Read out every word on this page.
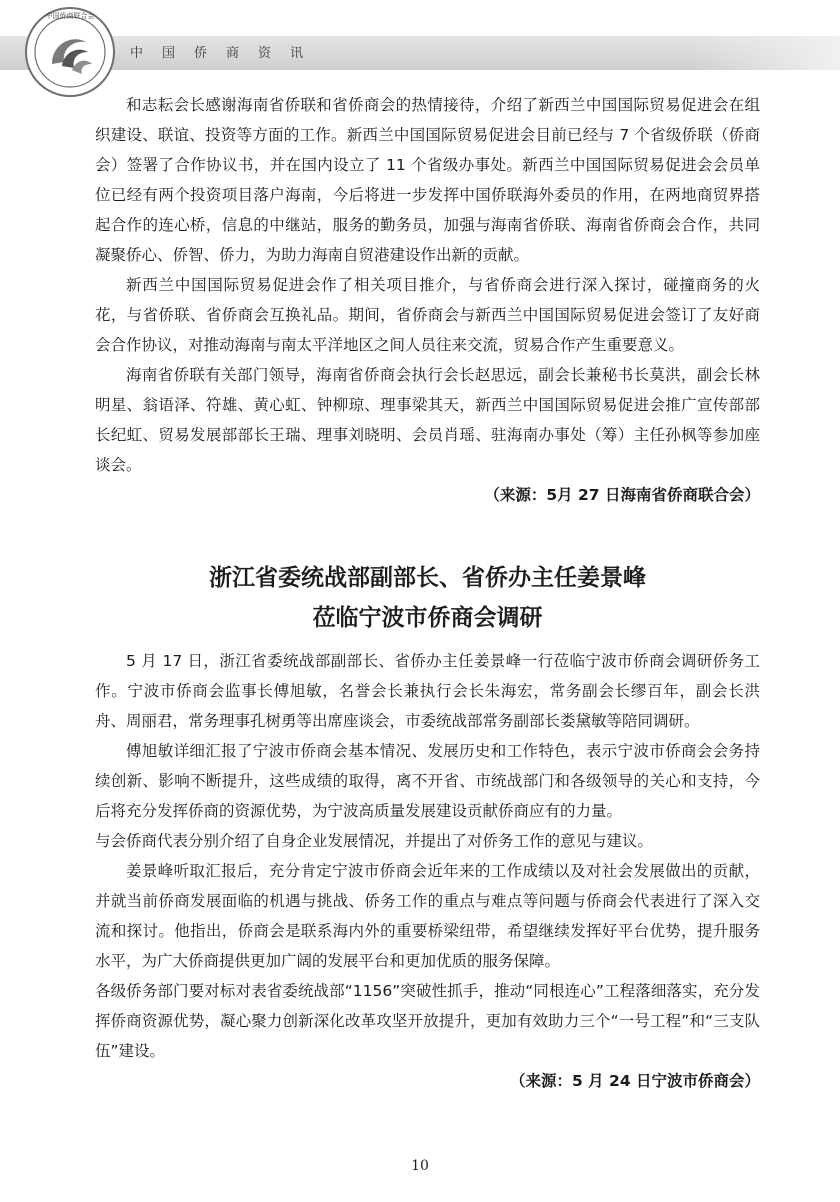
中国侨商资讯
中国侨商联合会

和志耘会长感谢海南省侨联和省侨商会的热情接待，介绍了新西兰中国国际贸易促进会在组织建设、联谊、投资等方面的工作。新西兰中国国际贸易促进会目前已经与 7 个省级侨联（侨商会）签署了合作协议书，并在国内设立了 11 个省级办事处。新西兰中国国际贸易促进会会员单位已经有两个投资项目落户海南，今后将进一步发挥中国侨联海外委员的作用，在两地商贸界搭起合作的连心桥，信息的中继站，服务的勤务员，加强与海南省侨联、海南省侨商会合作，共同凝聚侨心、侨智、侨力，为助力海南自贸港建设作出新的贡献。

新西兰中国国际贸易促进会作了相关项目推介，与省侨商会进行深入探讨，碰撞商务的火花，与省侨联、省侨商会互换礼品。期间，省侨商会与新西兰中国国际贸易促进会签订了友好商会合作协议，对推动海南与南太平洋地区之间人员往来交流，贸易合作产生重要意义。

海南省侨联有关部门领导，海南省侨商会执行会长赵思远，副会长兼秘书长莫洪，副会长林明星、翁语泽、符雄、黄心虹、钟柳琼、理事梁其天，新西兰中国国际贸易促进会推广宣传部部长纪虹、贸易发展部部长王瑞、理事刘晓明、会员肖瑶、驻海南办事处（筹）主任孙枫等参加座谈会。

（来源：5月 27 日海南省侨商联合会）
浙江省委统战部副部长、省侨办主任姜景峰
莅临宁波市侨商会调研

5 月 17 日，浙江省委统战部副部长、省侨办主任姜景峰一行莅临宁波市侨商会调研侨务工作。宁波市侨商会监事长傅旭敏，名誉会长兼执行会长朱海宏，常务副会长缪百年，副会长洪舟、周丽君，常务理事孔树勇等出席座谈会，市委统战部常务副部长娄黛敏等陪同调研。

傅旭敏详细汇报了宁波市侨商会基本情况、发展历史和工作特色，表示宁波市侨商会会务持续创新、影响不断提升，这些成绩的取得，离不开省、市统战部门和各级领导的关心和支持，今后将充分发挥侨商的资源优势，为宁波高质量发展建设贡献侨商应有的力量。

与会侨商代表分别介绍了自身企业发展情况，并提出了对侨务工作的意见与建议。

姜景峰听取汇报后，充分肯定宁波市侨商会近年来的工作成绩以及对社会发展做出的贡献，并就当前侨商发展面临的机遇与挑战、侨务工作的重点与难点等问题与侨商会代表进行了深入交流和探讨。他指出，侨商会是联系海内外的重要桥梁纽带，希望继续发挥好平台优势，提升服务水平，为广大侨商提供更加广阔的发展平台和更加优质的服务保障。

各级侨务部门要对标对表省委统战部“1156”突破性抓手，推动“同根连心”工程落细落实，充分发挥侨商资源优势，凝心聚力创新深化改革攻坚开放提升，更加有效助力三个“一号工程”和“三支队伍”建设。

（来源：5 月 24 日宁波市侨商会）
10
